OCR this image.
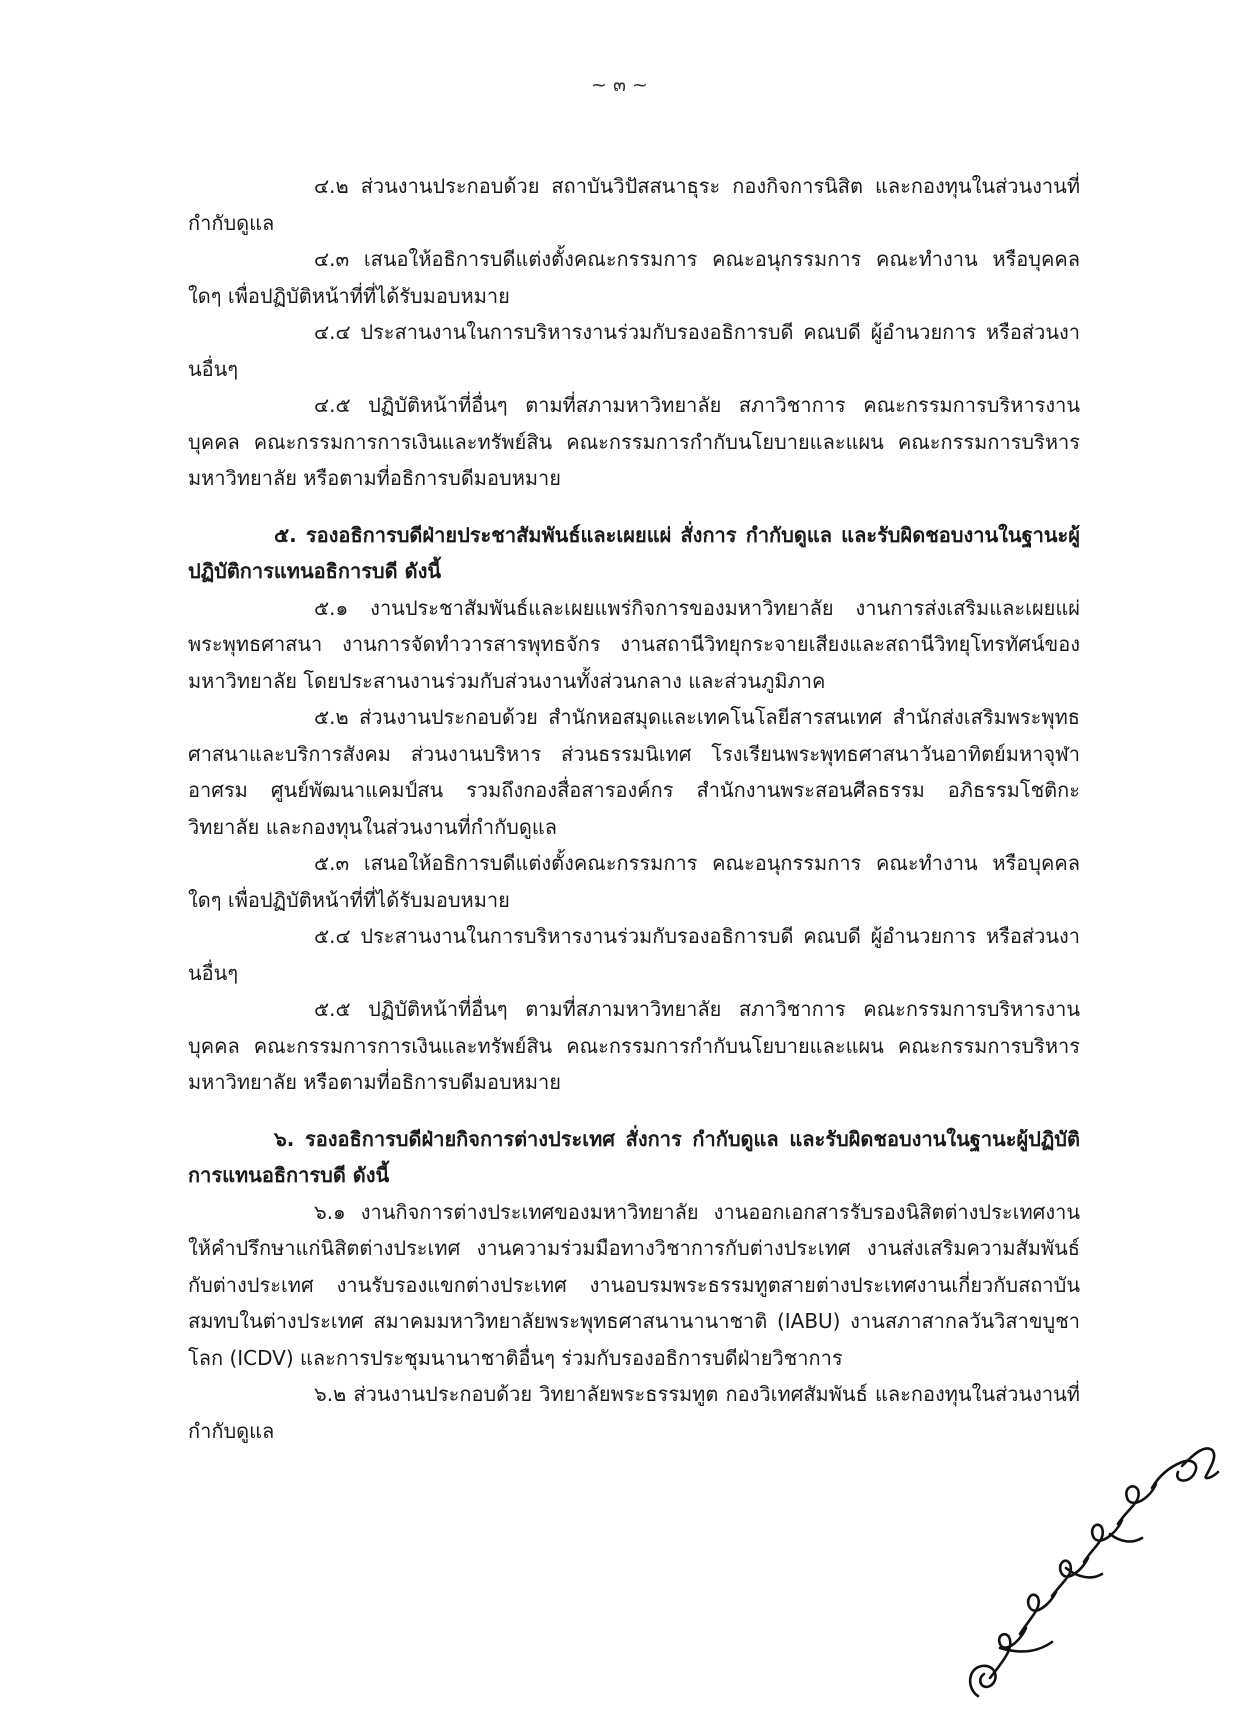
~ ๓ ~

๔.๒ ส่วนงานประกอบด้วย สถาบันวิปัสสนาธุระ กองกิจการนิสิต และกองทุนในส่วนงานที่กำกับดูแล

๔.๓ เสนอให้อธิการบดีแต่งตั้งคณะกรรมการ คณะอนุกรรมการ คณะทำงาน หรือบุคคลใดๆ เพื่อปฏิบัติหน้าที่ที่ได้รับมอบหมาย

๔.๔ ประสานงานในการบริหารงานร่วมกับรองอธิการบดี คณบดี ผู้อำนวยการ หรือส่วนงานอื่นๆ

๔.๕ ปฏิบัติหน้าที่อื่นๆ ตามที่สภามหาวิทยาลัย สภาวิชาการ คณะกรรมการบริหารงานบุคคล คณะกรรมการการเงินและทรัพย์สิน คณะกรรมการกำกับนโยบายและแผน คณะกรรมการบริหารมหาวิทยาลัย หรือตามที่อธิการบดีมอบหมาย

๕. รองอธิการบดีฝ่ายประชาสัมพันธ์และเผยแผ่ สั่งการ กำกับดูแล และรับผิดชอบงานในฐานะผู้ปฏิบัติการแทนอธิการบดี ดังนี้

๕.๑ งานประชาสัมพันธ์และเผยแพร่กิจการของมหาวิทยาลัย งานการส่งเสริมและเผยแผ่พระพุทธศาสนา งานการจัดทำวารสารพุทธจักร งานสถานีวิทยุกระจายเสียงและสถานีวิทยุโทรทัศน์ของมหาวิทยาลัย โดยประสานงานร่วมกับส่วนงานทั้งส่วนกลาง และส่วนภูมิภาค

๕.๒ ส่วนงานประกอบด้วย สำนักหอสมุดและเทคโนโลยีสารสนเทศ สำนักส่งเสริมพระพุทธศาสนาและบริการสังคม ส่วนงานบริหาร ส่วนธรรมนิเทศ โรงเรียนพระพุทธศาสนาวันอาทิตย์มหาจุฬาอาศรม ศูนย์พัฒนาแคมป์สน รวมถึงกองสื่อสารองค์กร สำนักงานพระสอนศีลธรรม อภิธรรมโชติกะวิทยาลัย และกองทุนในส่วนงานที่กำกับดูแล

๕.๓ เสนอให้อธิการบดีแต่งตั้งคณะกรรมการ คณะอนุกรรมการ คณะทำงาน หรือบุคคลใดๆ เพื่อปฏิบัติหน้าที่ที่ได้รับมอบหมาย

๕.๔ ประสานงานในการบริหารงานร่วมกับรองอธิการบดี คณบดี ผู้อำนวยการ หรือส่วนงานอื่นๆ

๕.๕ ปฏิบัติหน้าที่อื่นๆ ตามที่สภามหาวิทยาลัย สภาวิชาการ คณะกรรมการบริหารงานบุคคล คณะกรรมการการเงินและทรัพย์สิน คณะกรรมการกำกับนโยบายและแผน คณะกรรมการบริหารมหาวิทยาลัย หรือตามที่อธิการบดีมอบหมาย

๖. รองอธิการบดีฝ่ายกิจการต่างประเทศ สั่งการ กำกับดูแล และรับผิดชอบงานในฐานะผู้ปฏิบัติการแทนอธิการบดี ดังนี้

๖.๑ งานกิจการต่างประเทศของมหาวิทยาลัย งานออกเอกสารรับรองนิสิตต่างประเทศงานให้คำปรึกษาแก่นิสิตต่างประเทศ งานความร่วมมือทางวิชาการกับต่างประเทศ งานส่งเสริมความสัมพันธ์กับต่างประเทศ งานรับรองแขกต่างประเทศ งานอบรมพระธรรมทูตสายต่างประเทศงานเกี่ยวกับสถาบันสมทบในต่างประเทศ สมาคมมหาวิทยาลัยพระพุทธศาสนานานาชาติ (IABU) งานสภาสากลวันวิสาขบูชาโลก (ICDV) และการประชุมนานาชาติอื่นๆ ร่วมกับรองอธิการบดีฝ่ายวิชาการ

๖.๒ ส่วนงานประกอบด้วย วิทยาลัยพระธรรมทูต กองวิเทศสัมพันธ์ และกองทุนในส่วนงานที่กำกับดูแล
